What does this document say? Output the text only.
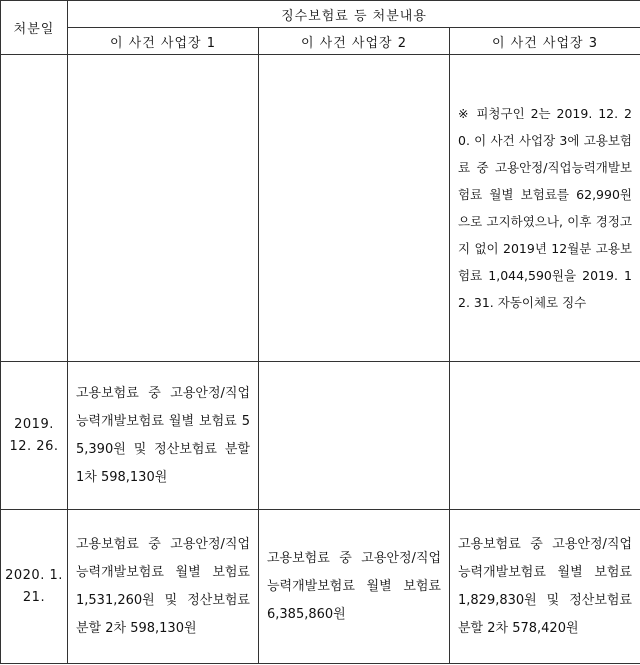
처분일	징수보험료 등 처분내용		
	이 사건 사업장 1	이 사건 사업장 2	이 사건 사업장 3
			※ 피청구인 2는 2019. 12. 20. 이 사건 사업장 3에 고용보험료 중 고용안정/직업능력개발보험료 월별 보험료를 62,990원으로 고지하였으나, 이후 경정고지 없이 2019년 12월분 고용보험료 1,044,590원을 2019. 12. 31. 자동이체로 징수
2019. 12. 26.	고용보험료 중 고용안정/직업능력개발보험료 월별 보험료 55,390원 및 정산보험료 분할 1차 598,130원		
2020. 1. 21.	고용보험료 중 고용안정/직업능력개발보험료 월별 보험료 1,531,260원 및 정산보험료 분할 2차 598,130원	고용보험료 중 고용안정/직업능력개발보험료 월별 보험료 6,385,860원	고용보험료 중 고용안정/직업능력개발보험료 월별 보험료 1,829,830원 및 정산보험료 분할 2차 578,420원
